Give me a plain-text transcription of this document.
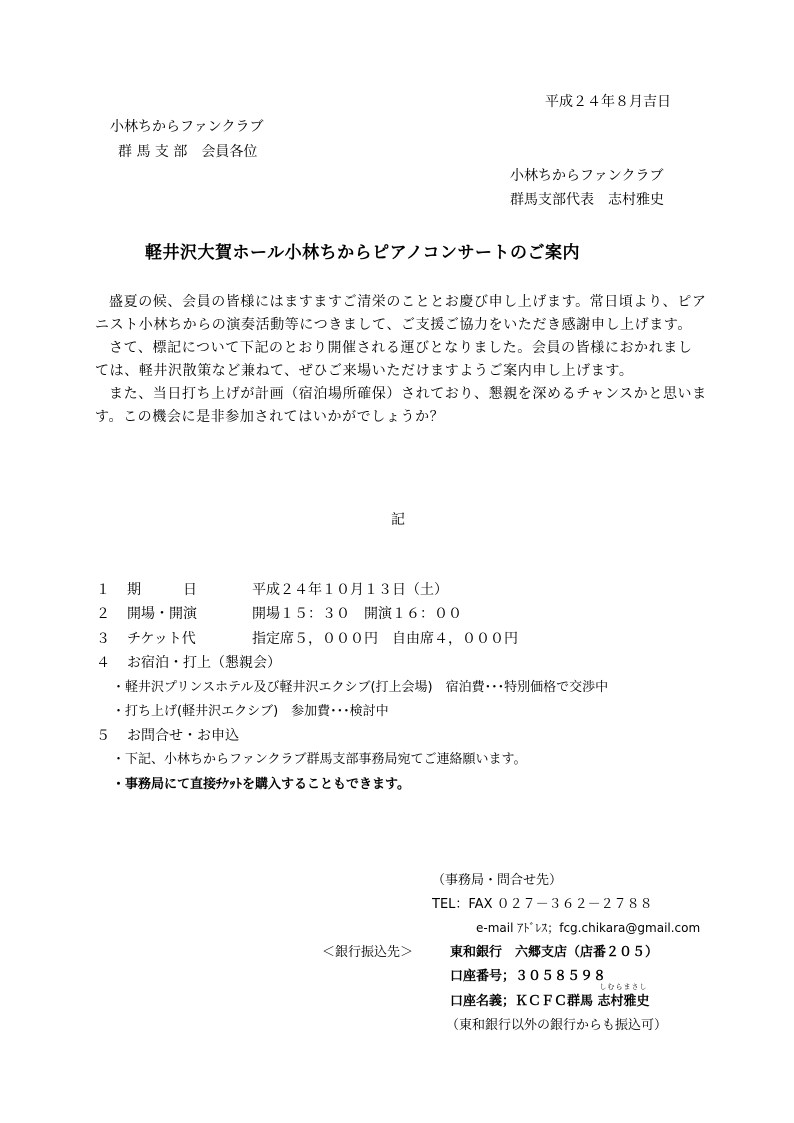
平成２４年８月吉日
小林ちからファンクラブ
群 馬 支 部　会員各位
小林ちからファンクラブ
群馬支部代表　志村雅史
軽井沢大賀ホール小林ちからピアノコンサートのご案内

盛夏の候、会員の皆様にはますますご清栄のこととお慶び申し上げます。常日頃より、ピアニスト小林ちからの演奏活動等につきまして、ご支援ご協力をいただき感謝申し上げます。

さて、標記について下記のとおり開催される運びとなりました。会員の皆様におかれましては、軽井沢散策など兼ねて、ぜひご来場いただけますようご案内申し上げます。

また、当日打ち上げが計画（宿泊場所確保）されており、懇親を深めるチャンスかと思います。この機会に是非参加されてはいかがでしょうか？

記
１ 期　　　日	平成２４年１０月１３日（土）
２ 開場・開演	開場１５：３０　開演１６：００
３ チケット代	指定席５，０００円　自由席４，０００円
４ お宿泊・打上（懇親会）
・軽井沢プリンスホテル及び軽井沢エクシブ(打上会場)　宿泊費･･･特別価格で交渉中
・打ち上げ(軽井沢エクシブ)　参加費･･･検討中
５ お問合せ・お申込
・下記、小林ちからファンクラブ群馬支部事務局宛てご連絡願います。
・事務局にて直接ﾁｹｯﾄを購入することもできます。
（事務局・問合せ先）
TEL：FAX ０２７－３６２－２７８８
e-mail ｱﾄﾞﾚｽ；fcg.chikara@gmail.com
＜銀行振込先＞	東和銀行　六郷支店（店番２０５）
口座番号；３０５８５９８
口座名義；ＫＣＦＣ群馬
しむらまさし
志村雅史
（東和銀行以外の銀行からも振込可）
